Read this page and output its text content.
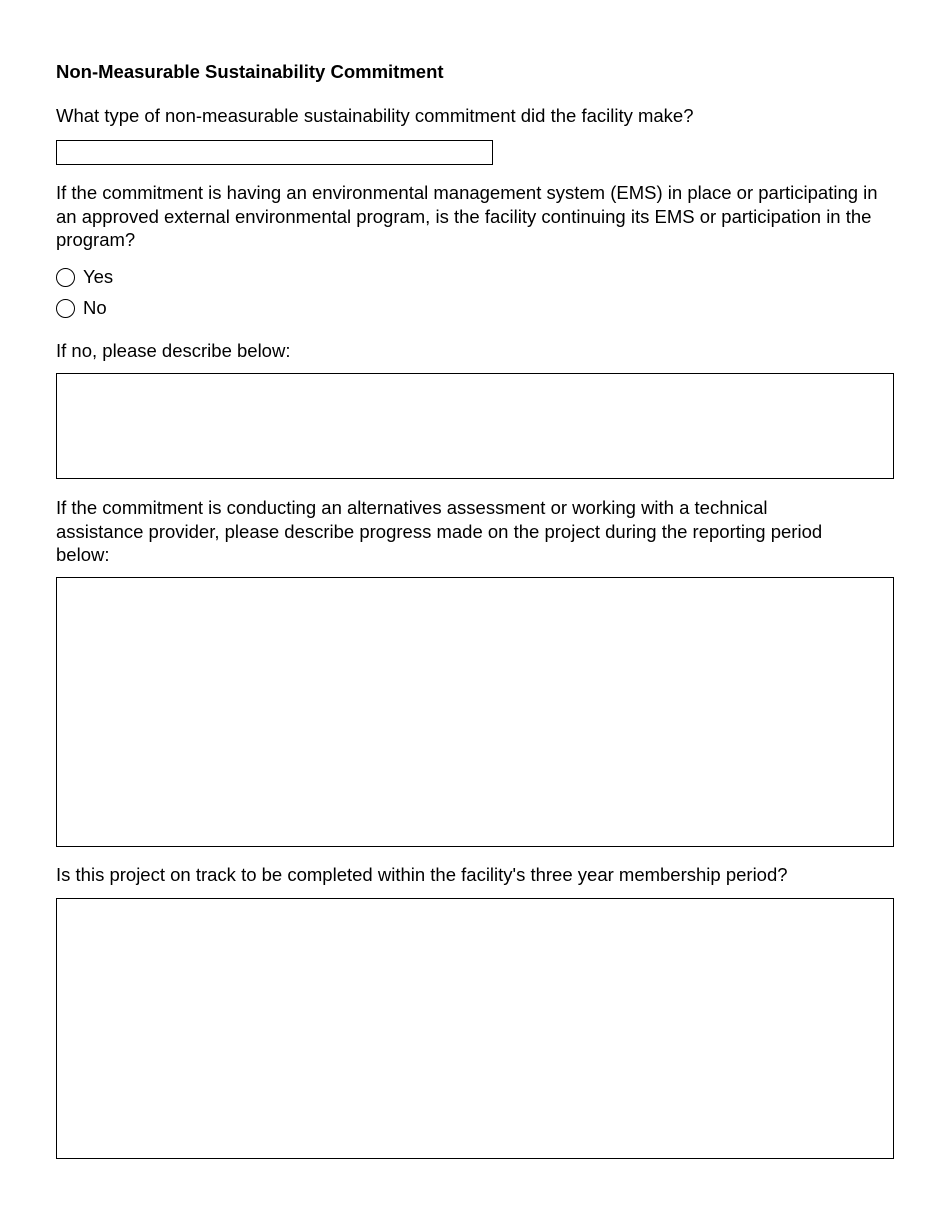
Non-Measurable Sustainability Commitment
What type of non-measurable sustainability commitment did the facility make?
If the commitment is having an environmental management system (EMS) in place or participating in an approved external environmental program, is the facility continuing its EMS or participation in the program?
Yes
No
If no, please describe below:
If the commitment is conducting an alternatives assessment or working with a technical assistance provider, please describe progress made on the project during the reporting period below:
Is this project on track to be completed within the facility's three year membership period?
